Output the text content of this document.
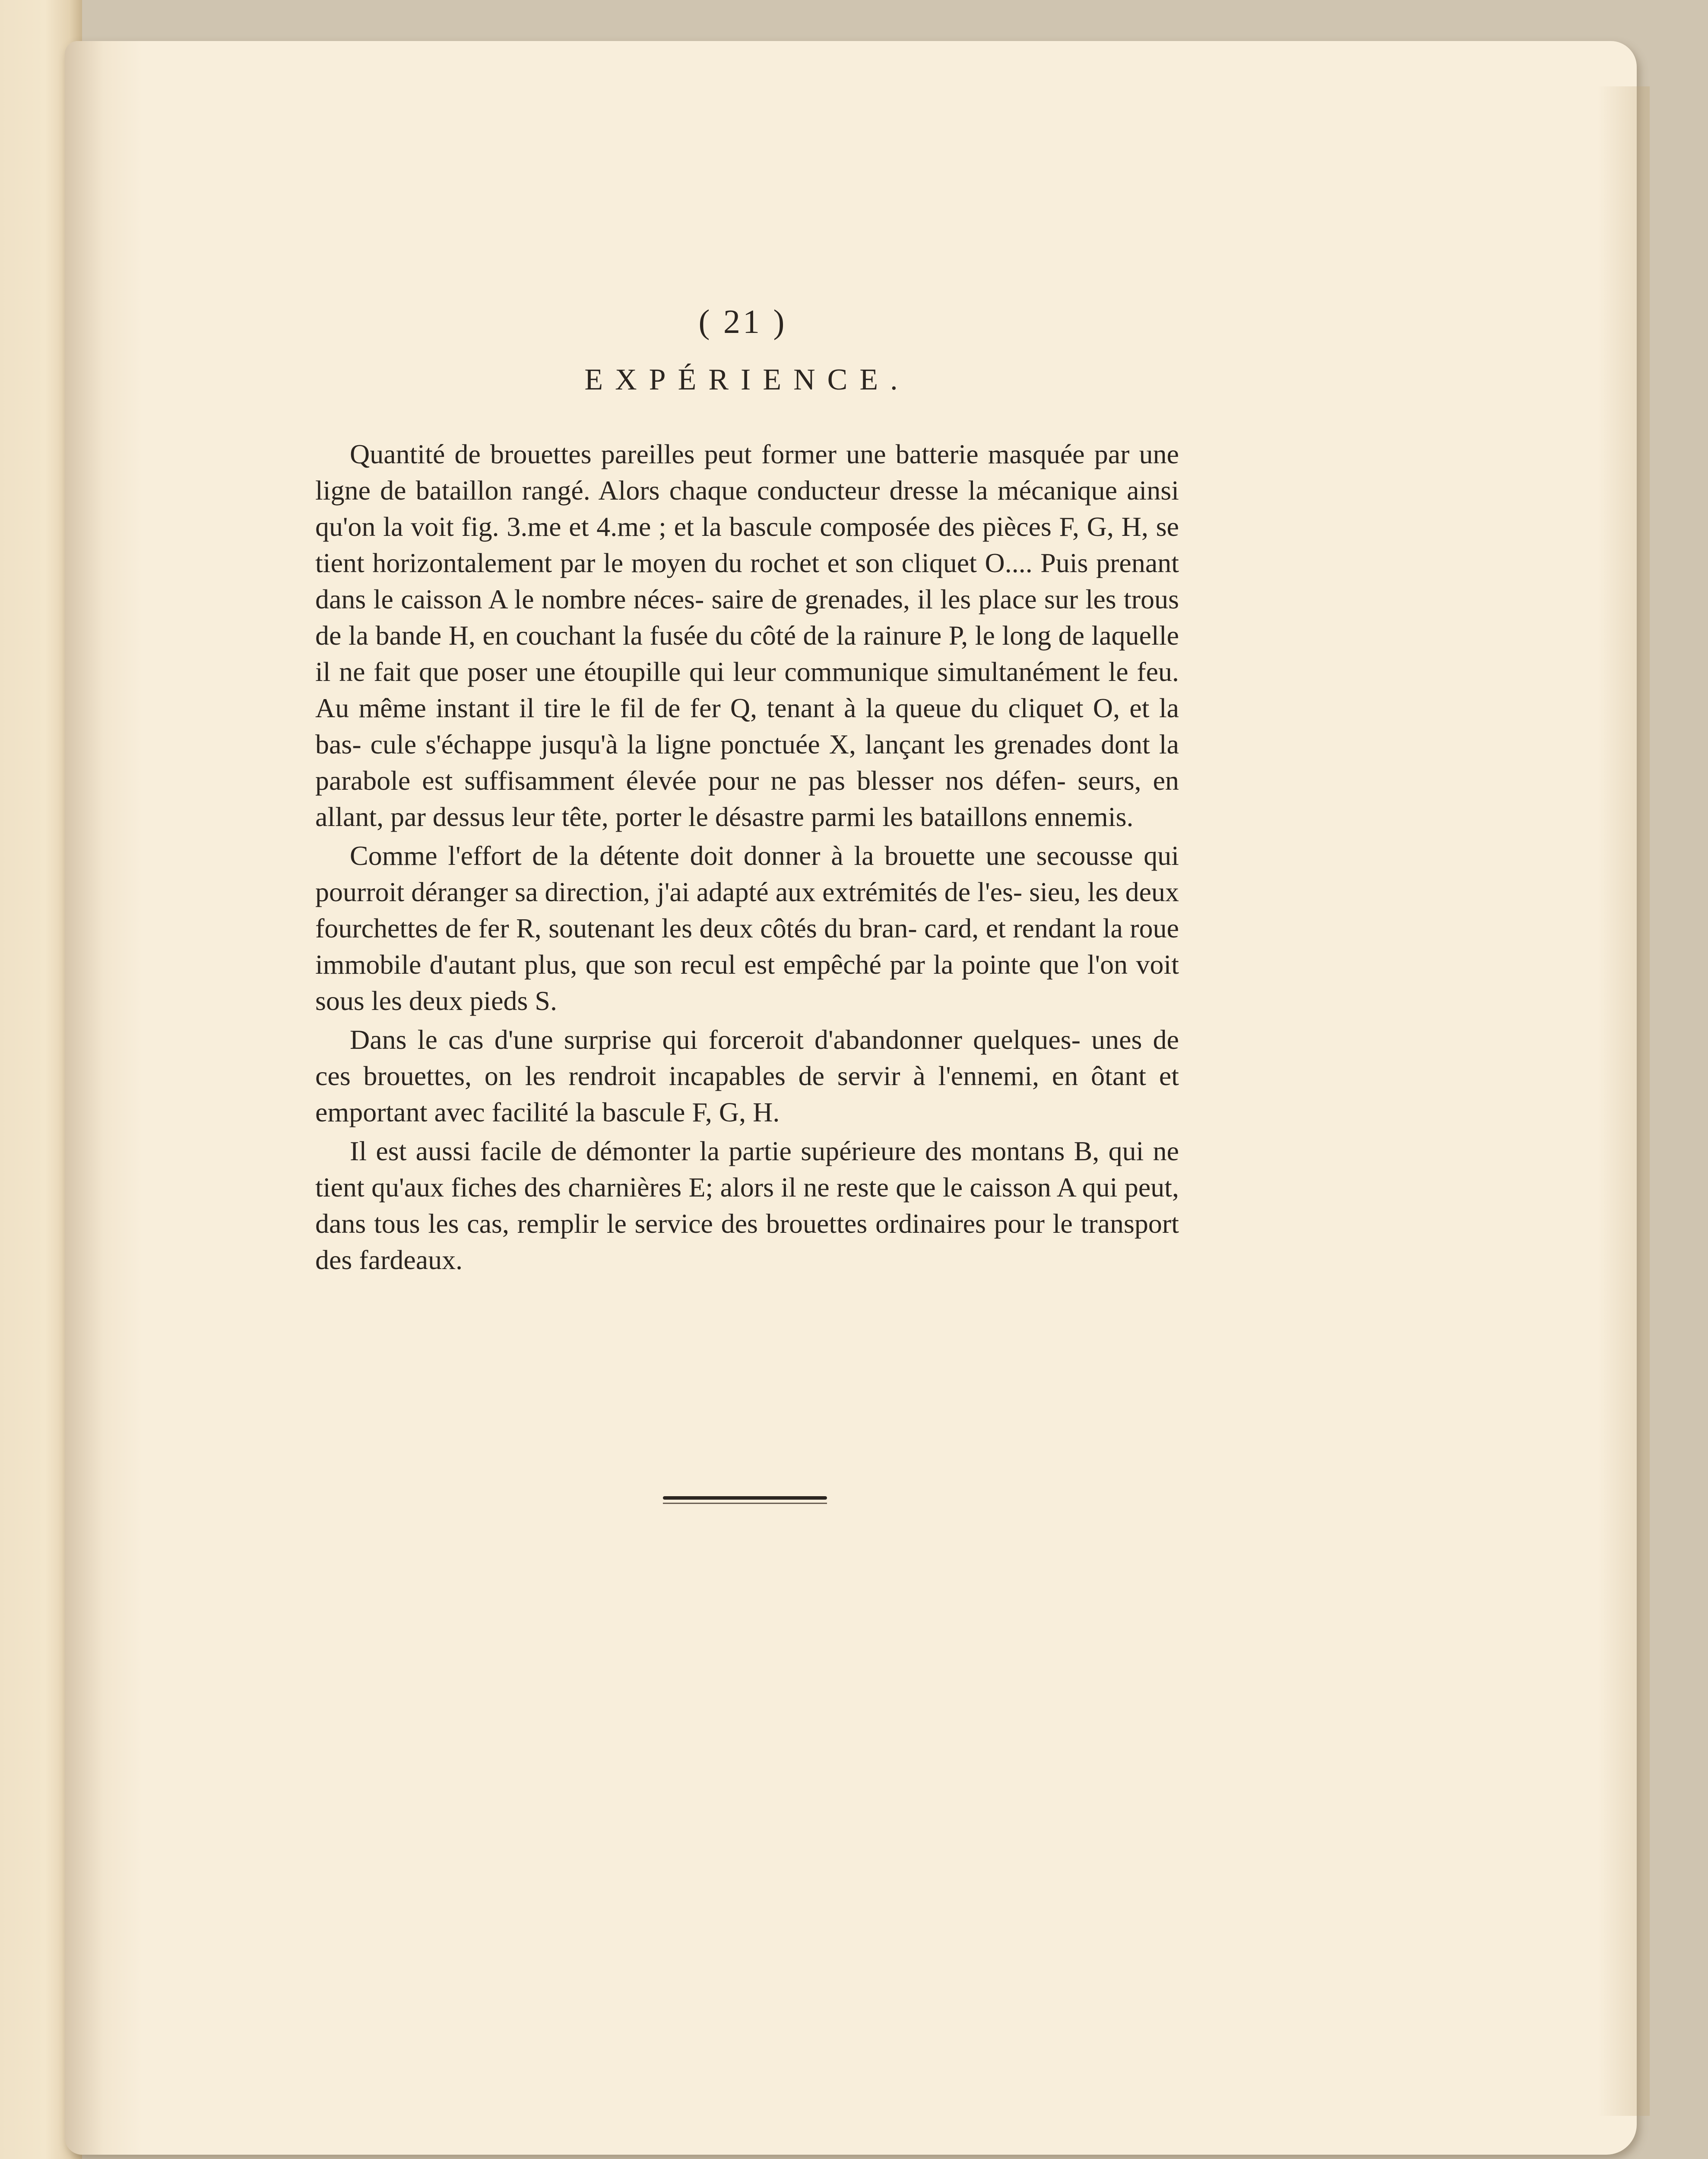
( 21 )
EXPÉRIENCE.

Quantité de brouettes pareilles peut former une batterie masquée par une ligne de bataillon rangé. Alors chaque conducteur dresse la mécanique ainsi qu'on la voit fig. 3.me et 4.me ; et la bascule composée des pièces F, G, H, se tient horizontalement par le moyen du rochet et son cliquet O.... Puis prenant dans le caisson A le nombre néces- saire de grenades, il les place sur les trous de la bande H, en couchant la fusée du côté de la rainure P, le long de laquelle il ne fait que poser une étoupille qui leur communique simultanément le feu. Au même instant il tire le fil de fer Q, tenant à la queue du cliquet O, et la bas- cule s'échappe jusqu'à la ligne ponctuée X, lançant les grenades dont la parabole est suffisamment élevée pour ne pas blesser nos défen- seurs, en allant, par dessus leur tête, porter le désastre parmi les bataillons ennemis.

Comme l'effort de la détente doit donner à la brouette une secousse qui pourroit déranger sa direction, j'ai adapté aux extrémités de l'es- sieu, les deux fourchettes de fer R, soutenant les deux côtés du bran- card, et rendant la roue immobile d'autant plus, que son recul est empêché par la pointe que l'on voit sous les deux pieds S.

Dans le cas d'une surprise qui forceroit d'abandonner quelques- unes de ces brouettes, on les rendroit incapables de servir à l'ennemi, en ôtant et emportant avec facilité la bascule F, G, H.

Il est aussi facile de démonter la partie supérieure des montans B, qui ne tient qu'aux fiches des charnières E; alors il ne reste que le caisson A qui peut, dans tous les cas, remplir le service des brouettes ordinaires pour le transport des fardeaux.
